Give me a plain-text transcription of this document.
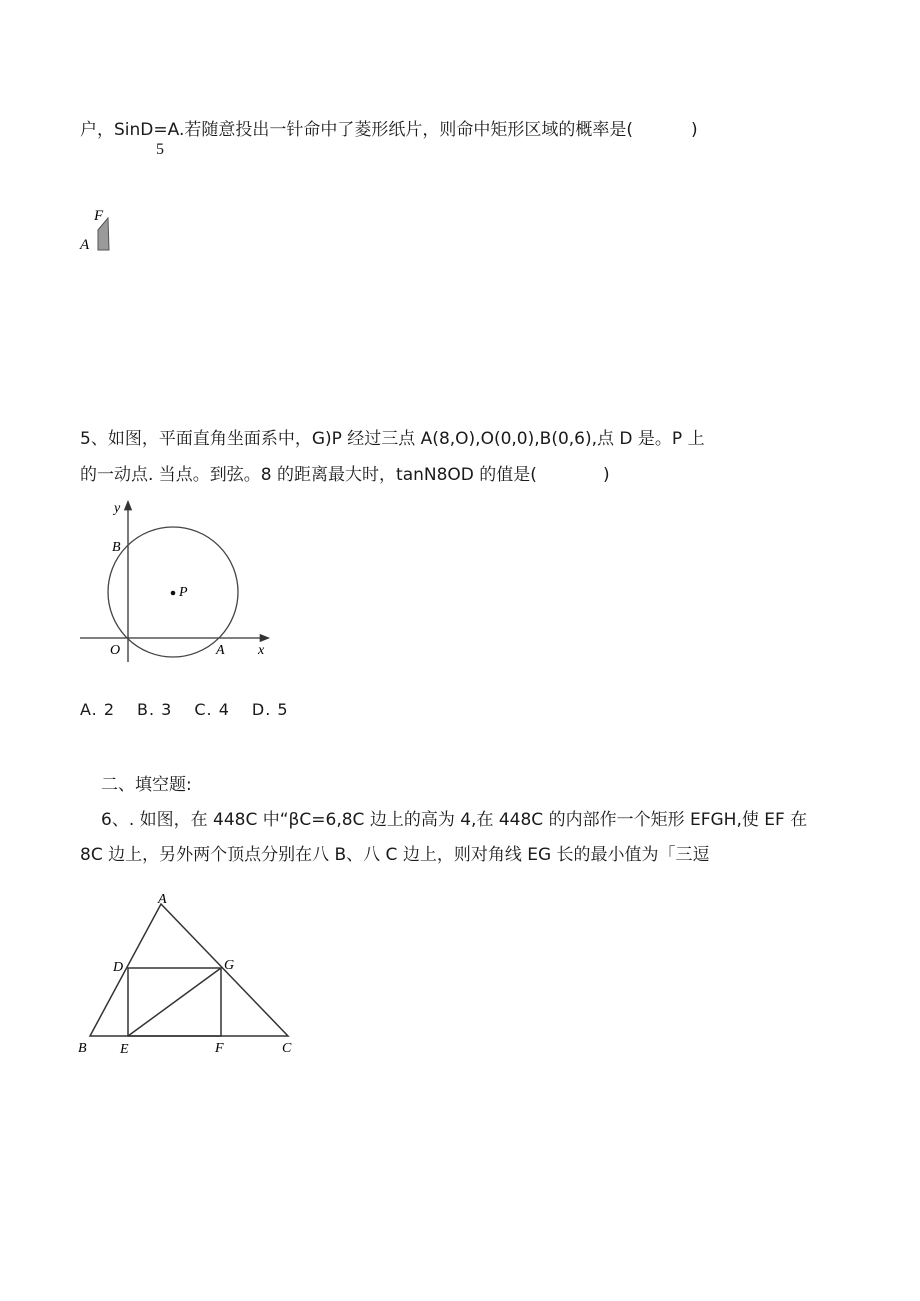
户，SinD=A.若随意投出一针命中了菱形纸片，则命中矩形区域的概率是(	)
5
F
A
5、如图，平面直角坐面系中，G)P 经过三点 A(8,O),O(0,0),B(0,6),点 D 是。P 上
的一动点. 当点。到弦。8 的距离最大时，tanN8OD 的值是(	)
y
B
P
O	A x
A. 2 B. 3 C. 4 D. 5
二、填空题:
6、. 如图，在 448C 中“βC=6,8C 边上的高为 4,在 448C 的内部作一个矩形 EFGH,使 EF 在
8C 边上，另外两个顶点分别在八 B、八 C 边上，则对角线 EG 长的最小值为「三逗
A
D	G
B E	F	C
